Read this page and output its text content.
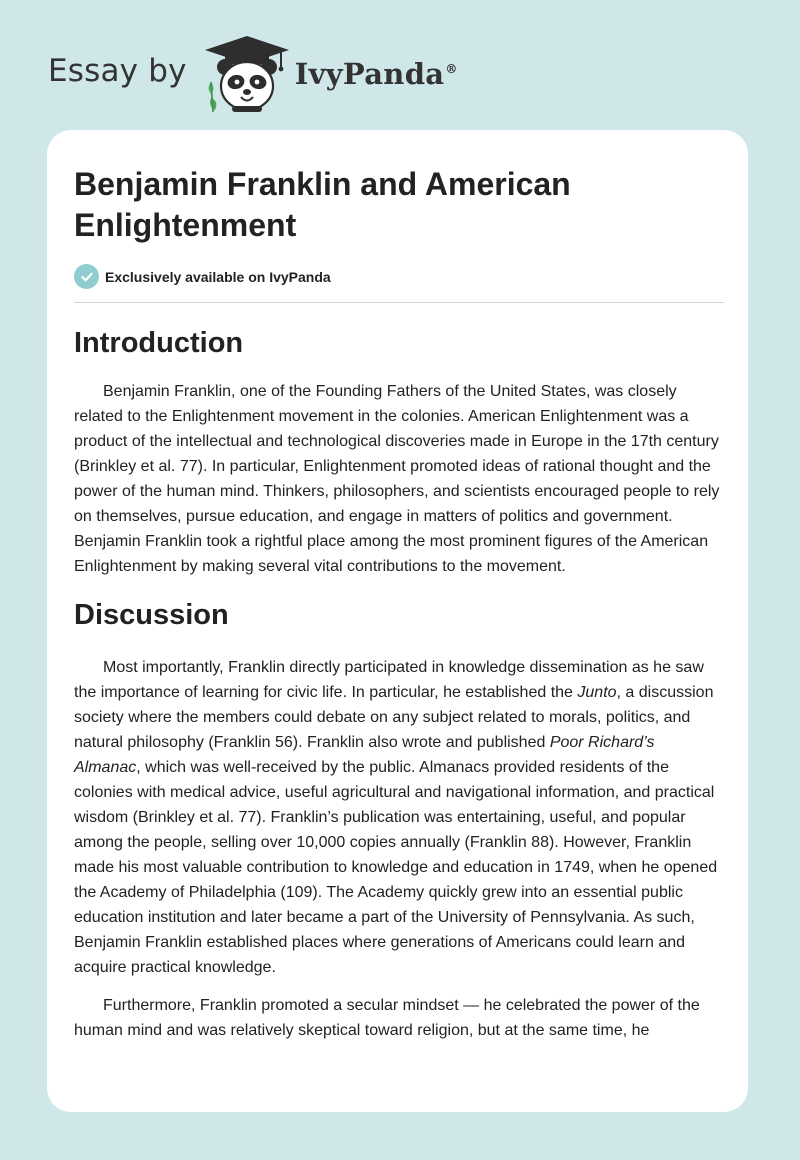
Essay by	IvyPanda®
Benjamin Franklin and American Enlightenment
Exclusively available on IvyPanda
Introduction

Benjamin Franklin, one of the Founding Fathers of the United States, was closely related to the Enlightenment movement in the colonies. American Enlightenment was a product of the intellectual and technological discoveries made in Europe in the 17th century (Brinkley et al. 77). In particular, Enlightenment promoted ideas of rational thought and the power of the human mind. Thinkers, philosophers, and scientists encouraged people to rely on themselves, pursue education, and engage in matters of politics and government. Benjamin Franklin took a rightful place among the most prominent figures of the American Enlightenment by making several vital contributions to the movement.

Discussion

Most importantly, Franklin directly participated in knowledge dissemination as he saw the importance of learning for civic life. In particular, he established the Junto, a discussion society where the members could debate on any subject related to morals, politics, and natural philosophy (Franklin 56). Franklin also wrote and published Poor Richard’s Almanac, which was well-received by the public. Almanacs provided residents of the colonies with medical advice, useful agricultural and navigational information, and practical wisdom (Brinkley et al. 77). Franklin’s publication was entertaining, useful, and popular among the people, selling over 10,000 copies annually (Franklin 88). However, Franklin made his most valuable contribution to knowledge and education in 1749, when he opened the Academy of Philadelphia (109). The Academy quickly grew into an essential public education institution and later became a part of the University of Pennsylvania. As such, Benjamin Franklin established places where generations of Americans could learn and acquire practical knowledge.

Furthermore, Franklin promoted a secular mindset — he celebrated the power of the human mind and was relatively skeptical toward religion, but at the same time, he
